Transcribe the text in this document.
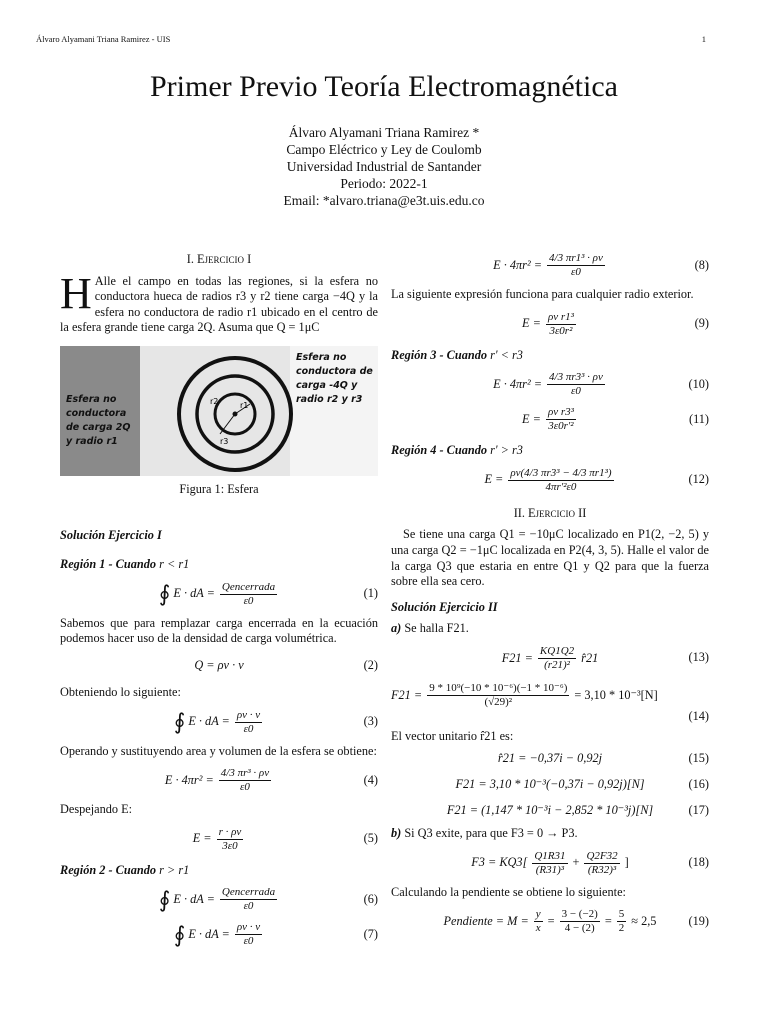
Álvaro Alyamani Triana Ramirez - UIS	1
Primer Previo Teoría Electromagnética
Álvaro Alyamani Triana Ramirez *
Campo Eléctrico y Ley de Coulomb
Universidad Industrial de Santander
Periodo: 2022-1
Email: *alvaro.triana@e3t.uis.edu.co
I. Ejercicio I

H Alle el campo en todas las regiones, si la esfera no conductora hueca de radios r3 y r2 tiene carga −4Q y la esfera no conductora de radio r1 ubicado en el centro de la esfera grande tiene carga 2Q. Asuma que Q = 1μC

r1
r2
r3
Esfera no
conductora
de carga 2Q
y radio r1
Esfera no
conductora de
carga -4Q y
radio r2 y r3
Figura 1: Esfera
Solución Ejercicio I
Región 1 - Cuando r < r1
∮ E · dA = $\frac{\text{Qencerrada}}{\varepsilon 0}$	(1)

Sabemos que para remplazar carga encerrada en la ecuación podemos hacer uso de la densidad de carga volumétrica.

Q = ρv · v	(2)

Obteniendo lo siguiente:

∮ E · dA = $\frac{\rho v \cdot v}{\varepsilon 0}$	(3)

Operando y sustituyendo area y volumen de la esfera se obtiene:

$E \cdot 4\pi r^2 = \frac{\text{4/3 πr³ · ρv}}{\varepsilon 0}$	(4)

Despejando E:

$E = \frac{r \cdot \rho v}{3\varepsilon 0}$	(5)
Región 2 - Cuando r > r1
∮ E · dA = $\frac{\text{Qencerrada}}{\varepsilon 0}$	(6)
∮ E · dA = $\frac{\rho v \cdot v}{\varepsilon 0}$	(7)
$E \cdot 4\pi r^2 = \frac{\text{4/3 πr1³ · ρv}}{\varepsilon 0}$	(8)

La siguiente expresión funciona para cualquier radio exterior.

$E = \frac{\text{ρv r1³}}{\text{3ε0r²}}$	(9)
Región 3 - Cuando r' < r3
$E \cdot 4\pi r^2 = \frac{\text{4/3 πr3³ · ρv}}{\varepsilon 0}$	(10)
$E = \frac{\text{ρv r3³}}{\text{3ε0r'²}}$	(11)
Región 4 - Cuando r' > r3
$E = \frac{\text{ρv(4/3 πr3³ − 4/3 πr1³)}}{\text{4πr'²ε0}}$	(12)
II. Ejercicio II

Se tiene una carga Q1 = −10μC localizado en P1(2, −2, 5) y una carga Q2 = −1μC localizada en P2(4, 3, 5). Halle el valor de la carga Q3 que estaria en entre Q1 y Q2 para que la fuerza sobre ella sea cero.

Solución Ejercicio II
a) Se halla F21.
$F21 = \frac{KQ1Q2}{\text{(r21)²}}$ r̂21	(13)
$F21 = \frac{\text{9 * 10⁹(−10 * 10⁻⁶)(−1 * 10⁻⁶)}}{\text{(√29)²}} = 3,10 * 10^{-3}[N]$
(14)

El vector unitario r̂21 es:

r̂21 = −0,37i − 0,92j	(15)
F21 = 3,10 * 10⁻³(−0,37i − 0,92j)[N]	(16)
F21 = (1,147 * 10⁻³i − 2,852 * 10⁻³j)[N]	(17)
b) Si Q3 exite, para que F3 = 0 → P3.
$F3 = KQ3[ \frac{Q1R31}{\text{(R31)³}} + \frac{Q2F32}{\text{(R32)³}}$ ]	(18)

Calculando la pendiente se obtiene lo siguiente:

Pendiente = $M = \frac{y}{x} = \frac{3 - (-2)}{4 - (2)} = \frac{5}{2} \approx 2,5$	(19)
